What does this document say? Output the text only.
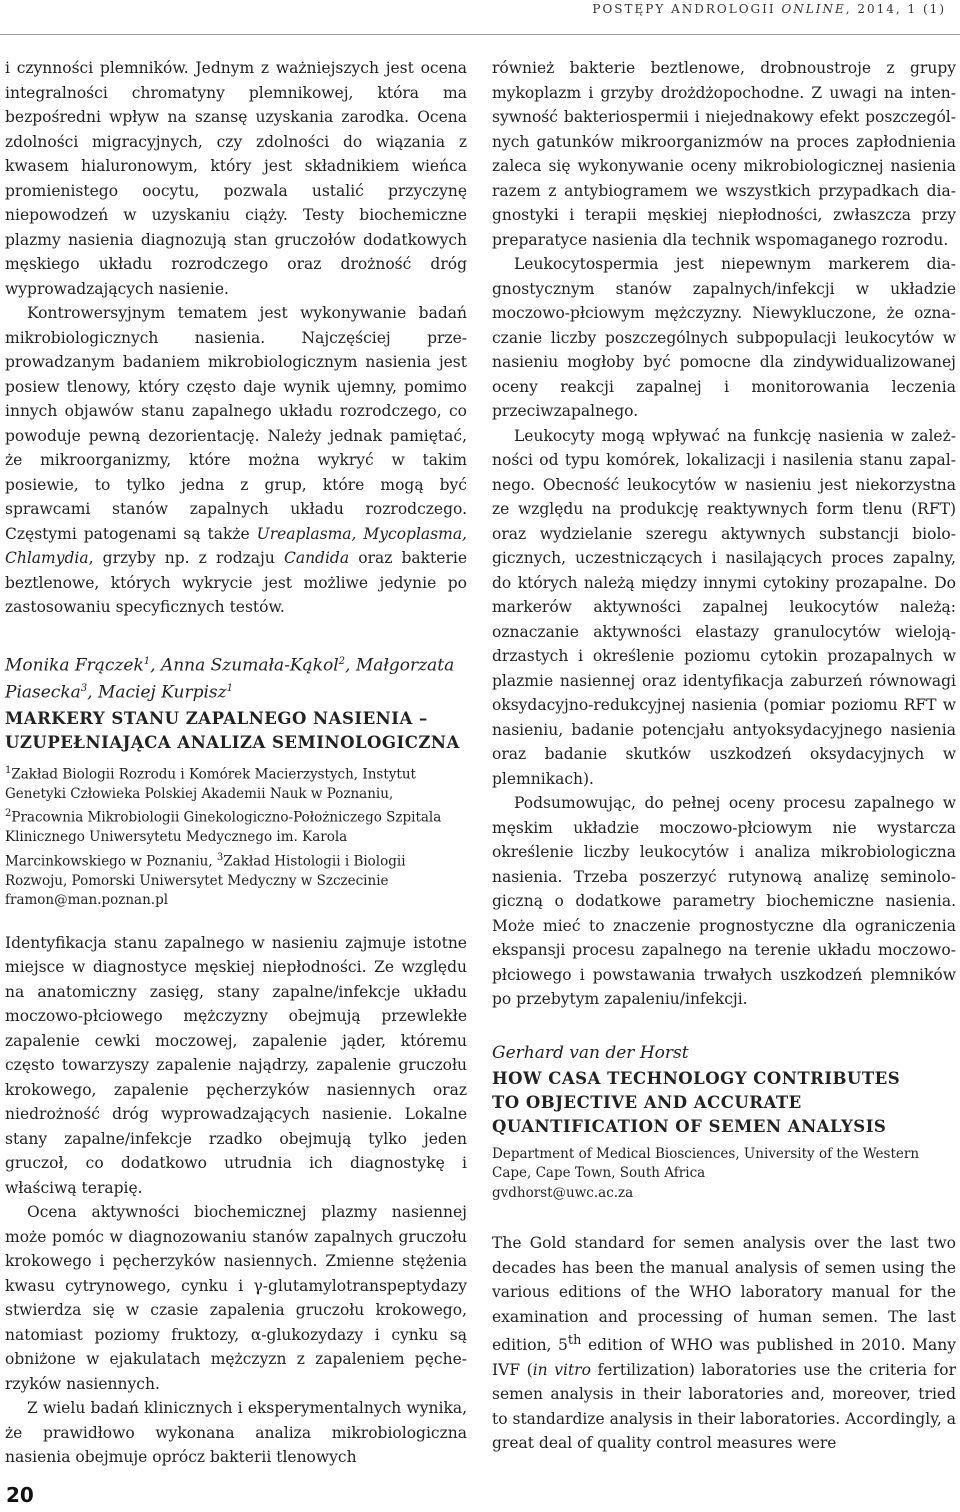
POSTĘPY ANDROLOGII ONLINE, 2014, 1 (1)

i czynności plemników. Jednym z ważniejszych jest ocena integralności chromatyny plemnikowej, która ma bezpośredni wpływ na szansę uzyskania zarodka. Ocena zdolności migracyjnych, czy zdolności do wiązania z kwasem hialuronowym, który jest składnikiem wieńca promienistego oocytu, pozwala ustalić przyczynę niepowodzeń w uzyskaniu ciąży. Testy biochemiczne plazmy nasienia diagnozują stan gruczołów dodatkowych męskiego układu rozrodczego oraz drożność dróg wyprowadzających nasienie.

Kontrowersyjnym tematem jest wykonywanie badań mikrobiologicznych nasienia. Najczęściej przeprowadzanym badaniem mikrobiologicznym nasienia jest posiew tlenowy, który często daje wynik ujemny, pomimo innych objawów stanu zapalnego układu rozrodczego, co powoduje pewną dezorientację. Należy jednak pamiętać, że mikroorganizmy, które można wykryć w takim posiewie, to tylko jedna z grup, które mogą być sprawcami stanów zapalnych układu rozrodczego. Częstymi patogenami są także Ureaplasma, Mycoplasma, Chlamydia, grzyby np. z rodzaju Candida oraz bakterie beztlenowe, których wykrycie jest możliwe jedynie po zastosowaniu specyficznych testów.

Monika Frączek$^1$, Anna Szumała-Kąkol$^2$, Małgorzata Piasecka$^3$, Maciej Kurpisz$^1$
MARKERY STANU ZAPALNEGO NASIENIA –
UZUPEŁNIAJĄCA ANALIZA SEMINOLOGICZNA
$^1$Zakład Biologii Rozrodu i Komórek Macierzystych, Instytut Genetyki Człowieka Polskiej Akademii Nauk w Poznaniu, $^2$Pracownia Mikrobiologii Ginekologiczno-Położniczego Szpitala Klinicznego Uniwersytetu Medycznego im. Karola Marcinkowskiego w Poznaniu, $^3$Zakład Histologii i Biologii Rozwoju, Pomorski Uniwersytet Medyczny w Szczecinie
framon@man.poznan.pl

Identyfikacja stanu zapalnego w nasieniu zajmuje istotne miejsce w diagnostyce męskiej niepłodności. Ze względu na anatomiczny zasięg, stany zapalne/infekcje układu moczowo-płciowego mężczyzny obejmują przewlekłe zapalenie cewki moczowej, zapalenie jąder, któremu często towarzyszy zapalenie najądrzy, zapalenie gruczołu krokowego, zapalenie pęcherzyków nasiennych oraz niedrożność dróg wyprowadzających nasienie. Lokalne stany zapalne/infekcje rzadko obejmują tylko jeden gruczoł, co dodatkowo utrudnia ich diagnostykę i właściwą terapię.

Ocena aktywności biochemicznej plazmy nasiennej może pomóc w diagnozowaniu stanów zapalnych gruczołu krokowego i pęcherzyków nasiennych. Zmienne stężenia kwasu cytrynowego, cynku i γ-glutamylotranspeptydazy stwierdza się w czasie zapalenia gruczołu krokowego, natomiast poziomy fruktozy, α-glukozydazy i cynku są obniżone w ejakulatach mężczyzn z zapaleniem pęcherzyków nasiennych.

Z wielu badań klinicznych i eksperymentalnych wynika, że prawidłowo wykonana analiza mikrobiologiczna nasienia obejmuje oprócz bakterii tlenowych

również bakterie beztlenowe, drobnoustroje z grupy mykoplazm i grzyby drożdżopochodne. Z uwagi na intensywność bakteriospermii i niejednakowy efekt poszczególnych gatunków mikroorganizmów na proces zapłodnienia zaleca się wykonywanie oceny mikrobiologicznej nasienia razem z antybiogramem we wszystkich przypadkach diagnostyki i terapii męskiej niepłodności, zwłaszcza przy preparatyce nasienia dla technik wspomaganego rozrodu.

Leukocytospermia jest niepewnym markerem diagnostycznym stanów zapalnych/infekcji w układzie moczowo-płciowym mężczyzny. Niewykluczone, że oznaczanie liczby poszczególnych subpopulacji leukocytów w nasieniu mogłoby być pomocne dla zindywidualizowanej oceny reakcji zapalnej i monitorowania leczenia przeciwzapalnego.

Leukocyty mogą wpływać na funkcję nasienia w zależności od typu komórek, lokalizacji i nasilenia stanu zapalnego. Obecność leukocytów w nasieniu jest niekorzystna ze względu na produkcję reaktywnych form tlenu (RFT) oraz wydzielanie szeregu aktywnych substancji biologicznych, uczestniczących i nasilających proces zapalny, do których należą między innymi cytokiny prozapalne. Do markerów aktywności zapalnej leukocytów należą: oznaczanie aktywności elastazy granulocytów wielojądrzastych i określenie poziomu cytokin prozapalnych w plazmie nasiennej oraz identyfikacja zaburzeń równowagi oksydacyjno-redukcyjnej nasienia (pomiar poziomu RFT w nasieniu, badanie potencjału antyoksydacyjnego nasienia oraz badanie skutków uszkodzeń oksydacyjnych w plemnikach).

Podsumowując, do pełnej oceny procesu zapalnego w męskim układzie moczowo-płciowym nie wystarcza określenie liczby leukocytów i analiza mikrobiologiczna nasienia. Trzeba poszerzyć rutynową analizę seminologiczną o dodatkowe parametry biochemiczne nasienia. Może mieć to znaczenie prognostyczne dla ograniczenia ekspansji procesu zapalnego na terenie układu moczowo-płciowego i powstawania trwałych uszkodzeń plemników po przebytym zapaleniu/infekcji.

Gerhard van der Horst
HOW CASA TECHNOLOGY CONTRIBUTES
TO OBJECTIVE AND ACCURATE
QUANTIFICATION OF SEMEN ANALYSIS
Department of Medical Biosciences, University of the Western Cape, Cape Town, South Africa
gvdhorst@uwc.ac.za

The Gold standard for semen analysis over the last two decades has been the manual analysis of semen using the various editions of the WHO laboratory manual for the examination and processing of human semen. The last edition, 5th edition of WHO was published in 2010. Many IVF (in vitro fertilization) laboratories use the criteria for semen analysis in their laboratories and, moreover, tried to standardize analysis in their laboratories. Accordingly, a great deal of quality control measures were

20
